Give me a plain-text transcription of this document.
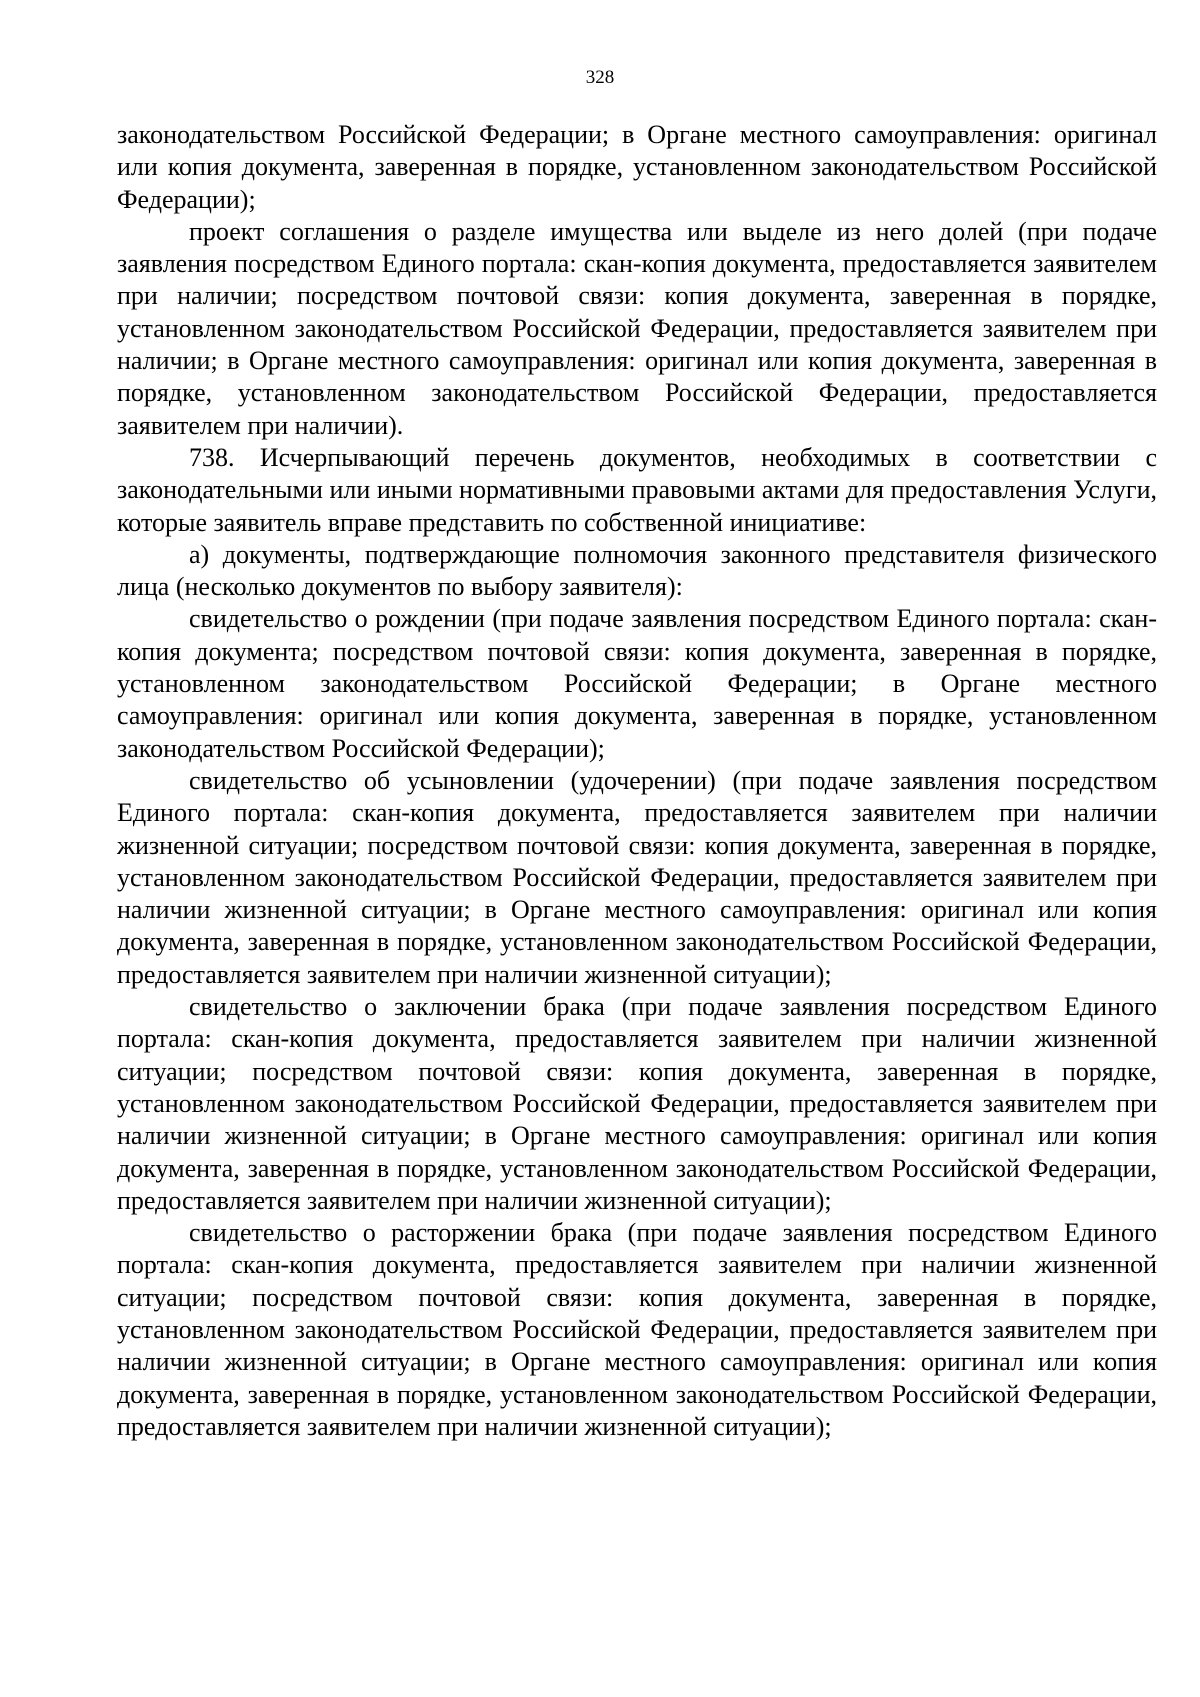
328

законодательством Российской Федерации; в Органе местного самоуправления: оригинал или копия документа, заверенная в порядке, установленном законодательством Российской Федерации);

проект соглашения о разделе имущества или выделе из него долей (при подаче заявления посредством Единого портала: скан-копия документа, предоставляется заявителем при наличии; посредством почтовой связи: копия документа, заверенная в порядке, установленном законодательством Российской Федерации, предоставляется заявителем при наличии; в Органе местного самоуправления: оригинал или копия документа, заверенная в порядке, установленном законодательством Российской Федерации, предоставляется заявителем при наличии).

738. Исчерпывающий перечень документов, необходимых в соответствии с законодательными или иными нормативными правовыми актами для предоставления Услуги, которые заявитель вправе представить по собственной инициативе:

а) документы, подтверждающие полномочия законного представителя физического лица (несколько документов по выбору заявителя):

свидетельство о рождении (при подаче заявления посредством Единого портала: скан-копия документа; посредством почтовой связи: копия документа, заверенная в порядке, установленном законодательством Российской Федерации; в Органе местного самоуправления: оригинал или копия документа, заверенная в порядке, установленном законодательством Российской Федерации);

свидетельство об усыновлении (удочерении) (при подаче заявления посредством Единого портала: скан-копия документа, предоставляется заявителем при наличии жизненной ситуации; посредством почтовой связи: копия документа, заверенная в порядке, установленном законодательством Российской Федерации, предоставляется заявителем при наличии жизненной ситуации; в Органе местного самоуправления: оригинал или копия документа, заверенная в порядке, установленном законодательством Российской Федерации, предоставляется заявителем при наличии жизненной ситуации);

свидетельство о заключении брака (при подаче заявления посредством Единого портала: скан-копия документа, предоставляется заявителем при наличии жизненной ситуации; посредством почтовой связи: копия документа, заверенная в порядке, установленном законодательством Российской Федерации, предоставляется заявителем при наличии жизненной ситуации; в Органе местного самоуправления: оригинал или копия документа, заверенная в порядке, установленном законодательством Российской Федерации, предоставляется заявителем при наличии жизненной ситуации);

свидетельство о расторжении брака (при подаче заявления посредством Единого портала: скан-копия документа, предоставляется заявителем при наличии жизненной ситуации; посредством почтовой связи: копия документа, заверенная в порядке, установленном законодательством Российской Федерации, предоставляется заявителем при наличии жизненной ситуации; в Органе местного самоуправления: оригинал или копия документа, заверенная в порядке, установленном законодательством Российской Федерации, предоставляется заявителем при наличии жизненной ситуации);
